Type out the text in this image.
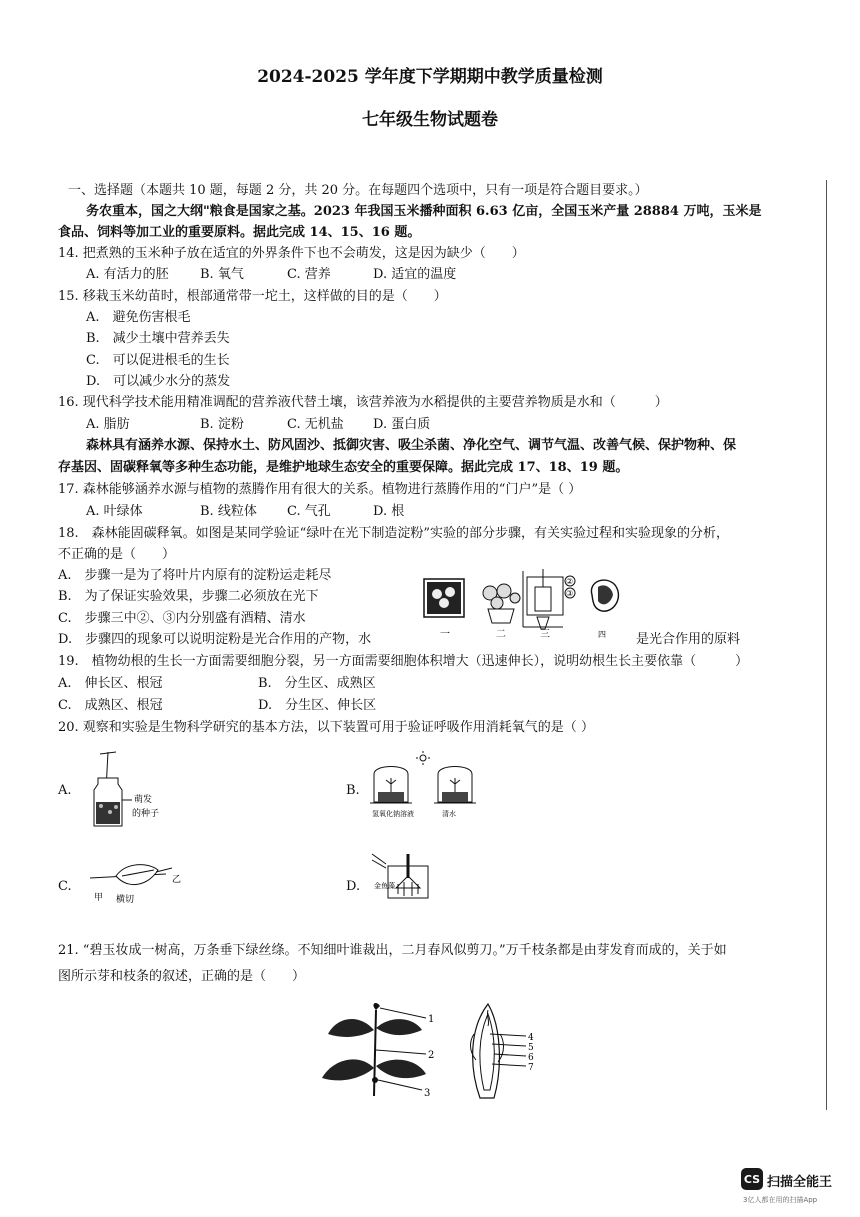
2024-2025 学年度下学期期中教学质量检测
七年级生物试题卷
一、选择题（本题共 10 题，每题 2 分，共 20 分。在每题四个选项中，只有一项是符合题目要求。）
务农重本，国之大纲"粮食是国家之基。2023 年我国玉米播种面积 6.63 亿亩，全国玉米产量 28884 万吨，玉米是
食品、饲料等加工业的重要原料。据此完成 14、15、16 题。
14. 把煮熟的玉米种子放在适宜的外界条件下也不会萌发，这是因为缺少（　　）
A. 有活力的胚 B. 氧气	C. 营养	D. 适宜的温度
15. 移栽玉米幼苗时，根部通常带一坨土，这样做的目的是（　　）
A.　避免伤害根毛
B.　减少土壤中营养丢失
C.　可以促进根毛的生长
D.　可以减少水分的蒸发
16. 现代科学技术能用精准调配的营养液代替土壤，该营养液为水稻提供的主要营养物质是水和（　　　）
A. 脂肪	B. 淀粉	C. 无机盐 D. 蛋白质
森林具有涵养水源、保持水土、防风固沙、抵御灾害、吸尘杀菌、净化空气、调节气温、改善气候、保护物种、保
存基因、固碳释氧等多种生态功能，是维护地球生态安全的重要保障。据此完成 17、18、19 题。
17. 森林能够涵养水源与植物的蒸腾作用有很大的关系。植物进行蒸腾作用的“门户”是（ ）
A. 叶绿体	B. 线粒体 C. 气孔	D. 根
18.　森林能固碳释氧。如图是某同学验证“绿叶在光下制造淀粉”实验的部分步骤，有关实验过程和实验现象的分析，
不正确的是（　　）
A.　步骤一是为了将叶片内原有的淀粉运走耗尽
B.　为了保证实验效果，步骤二必须放在光下
C.　步骤三中②、③内分别盛有酒精、清水
D.　步骤四的现象可以说明淀粉是光合作用的产物，水	是光合作用的原料
②
③
一	二	三	四
19.　植物幼根的生长一方面需要细胞分裂，另一方面需要细胞体积增大（迅速伸长），说明幼根生长主要依靠（　　　）
A.　伸长区、根冠	B.　分生区、成熟区
C.　成熟区、根冠	D.　分生区、伸长区
20. 观察和实验是生物科学研究的基本方法，以下装置可用于验证呼吸作用消耗氧气的是（ ）
A.
萌发
的种子
B.
氢氧化钠溶液	清水
C.
甲 横切
乙	D. 金鱼藻
21. “碧玉妆成一树高，万条垂下绿丝绦。不知细叶谁裁出，二月春风似剪刀。”万千枝条都是由芽发育而成的，关于如
图所示芽和枝条的叙述，正确的是（　　）
1
2
3
4
5
6
7
CS 扫描全能王
3亿人都在用的扫描App
